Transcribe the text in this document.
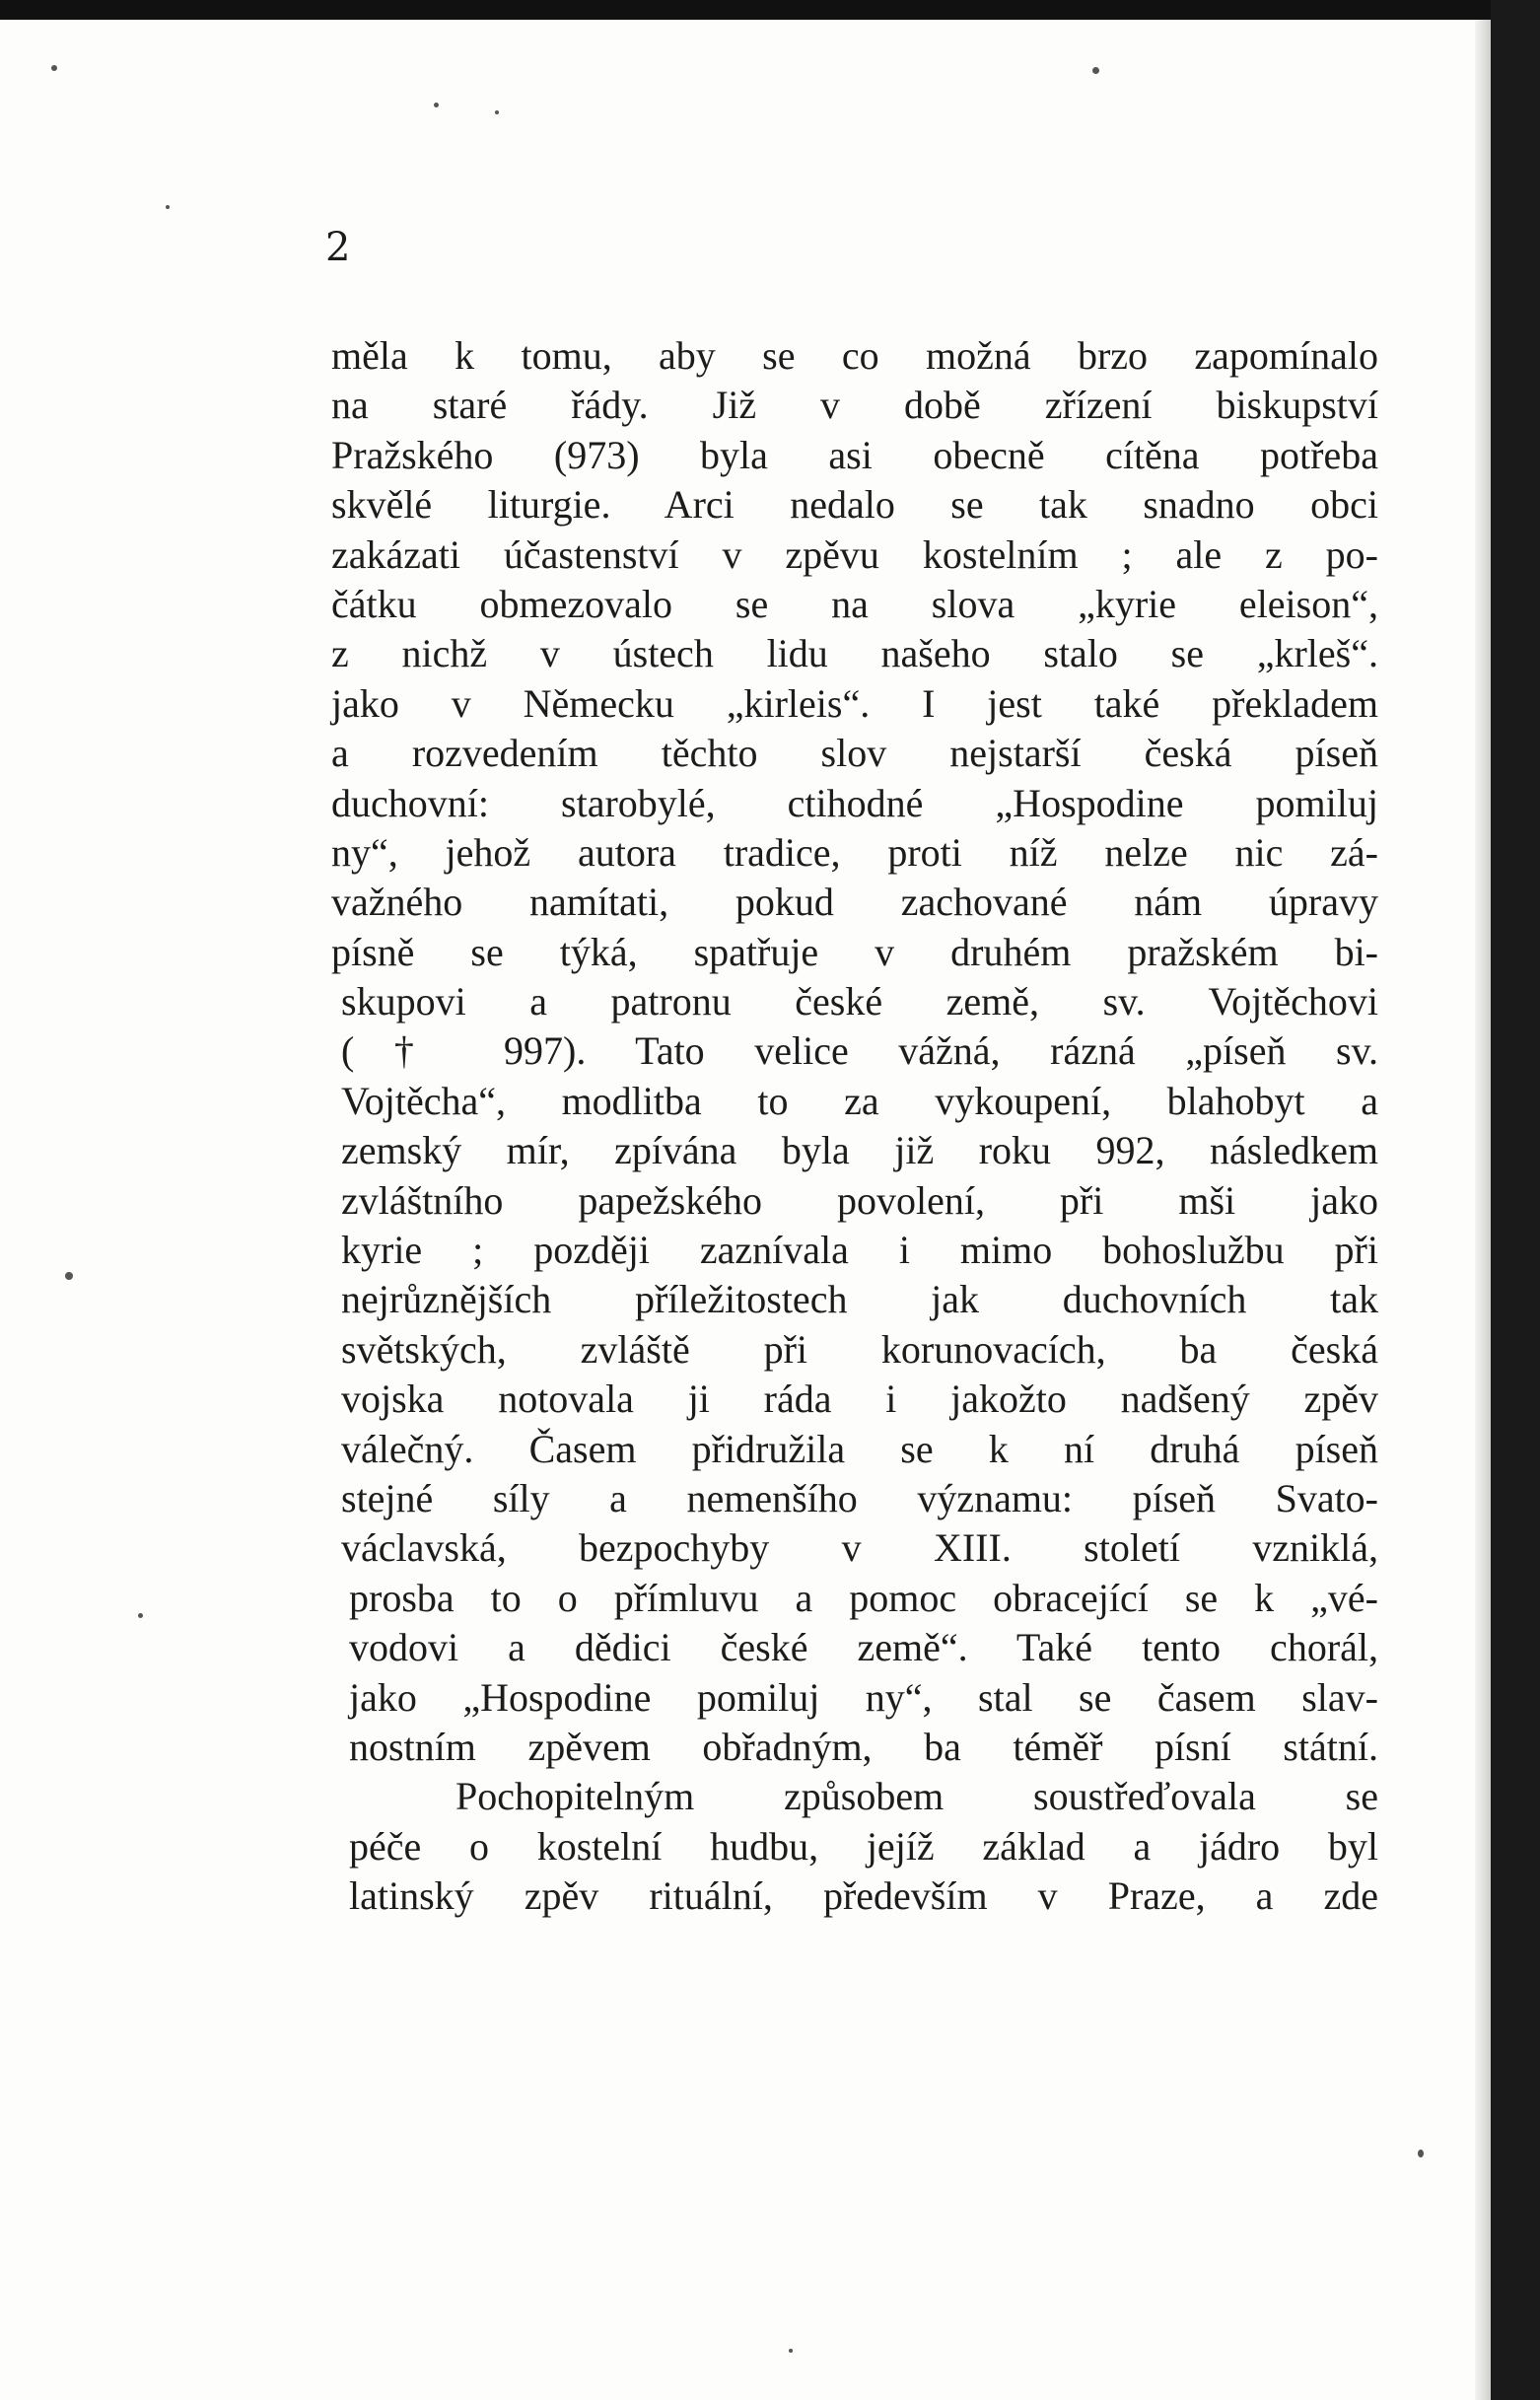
2

měla k tomu, aby se co možná brzo zapomínalo
na staré řády. Již v době zřízení biskupství
Pražského (973) byla asi obecně cítěna potřeba
skvělé liturgie. Arci nedalo se tak snadno obci
zakázati účastenství v zpěvu kostelním ; ale z po-
čátku obmezovalo se na slova „kyrie eleison“,
z nichž v ústech lidu našeho stalo se „krleš“.
jako v Německu „kirleis“. I jest také překladem
a rozvedením těchto slov nejstarší česká píseň
duchovní: starobylé, ctihodné „Hospodine pomiluj
ny“, jehož autora tradice, proti níž nelze nic zá-
važného namítati, pokud zachované nám úpravy
písně se týká, spatřuje v druhém pražském bi-
skupovi a patronu české země, sv. Vojtěchovi
(† 997). Tato velice vážná, rázná „píseň sv.
Vojtěcha“, modlitba to za vykoupení, blahobyt a
zemský mír, zpívána byla již roku 992, následkem
zvláštního papežského povolení, při mši jako
kyrie ; později zaznívala i mimo bohoslužbu při
nejrůznějších příležitostech jak duchovních tak
světských, zvláště při korunovacích, ba česká
vojska notovala ji ráda i jakožto nadšený zpěv
válečný. Časem přidružila se k ní druhá píseň
stejné síly a nemenšího významu: píseň Svato-
václavská, bezpochyby v XIII. století vzniklá,
prosba to o přímluvu a pomoc obracející se k „vé-
vodovi a dědici české země“. Také tento chorál,
jako „Hospodine pomiluj ny“, stal se časem slav-
nostním zpěvem obřadným, ba téměř písní státní.
Pochopitelným způsobem soustřeďovala se
péče o kostelní hudbu, jejíž základ a jádro byl
latinský zpěv rituální, především v Praze, a zde
